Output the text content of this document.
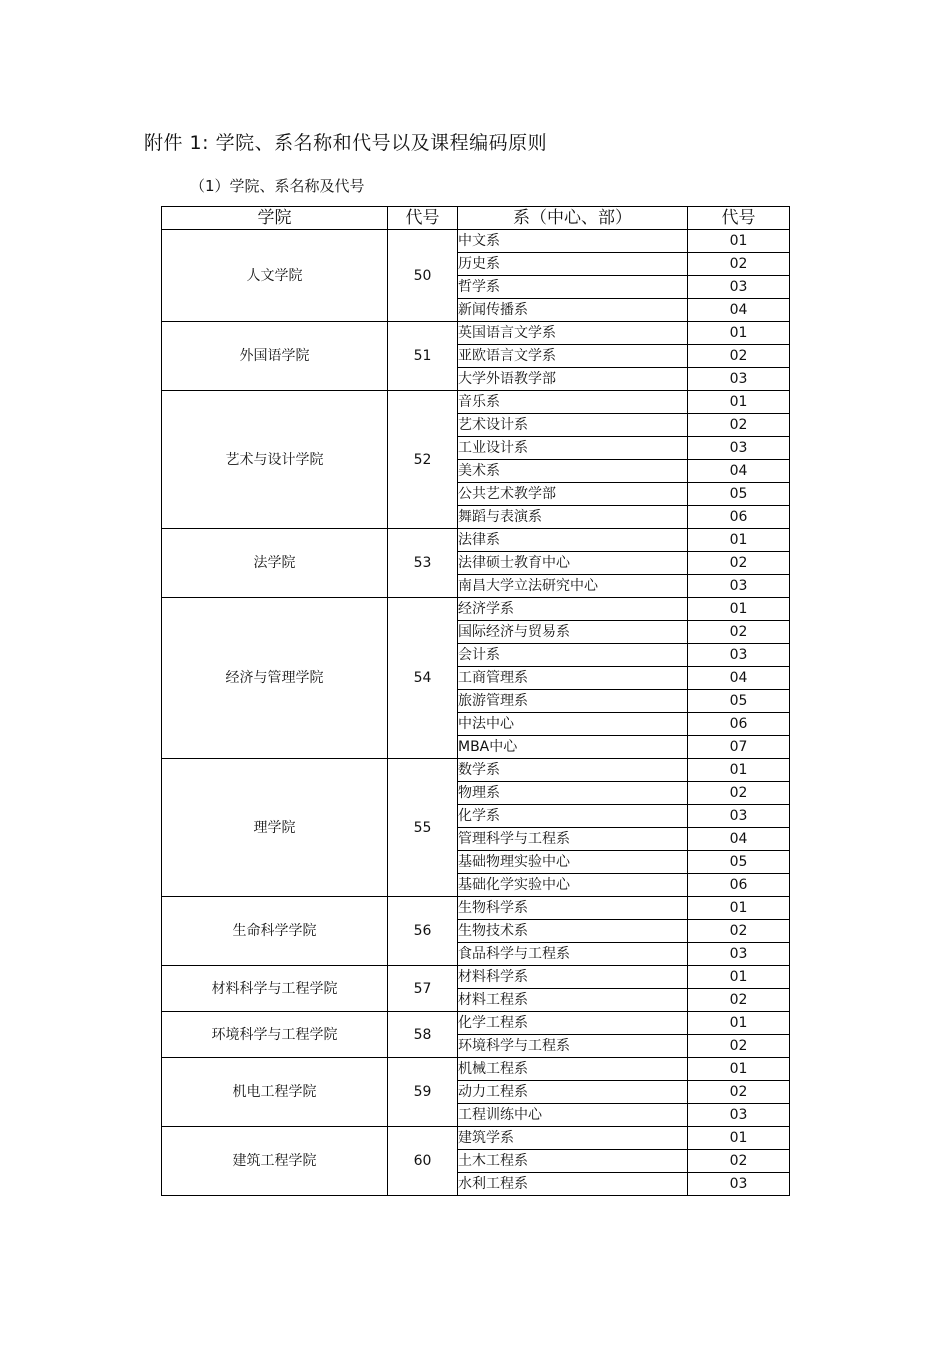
附件 1: 学院、系名称和代号以及课程编码原则
（1）学院、系名称及代号
学院	代号	系（中心、部）	代号
人文学院	50	中文系	01
		历史系	02
		哲学系	03
		新闻传播系	04
外国语学院	51	英国语言文学系	01
		亚欧语言文学系	02
		大学外语教学部	03
艺术与设计学院	52	音乐系	01
		艺术设计系	02
		工业设计系	03
		美术系	04
		公共艺术教学部	05
		舞蹈与表演系	06
法学院	53	法律系	01
		法律硕士教育中心	02
		南昌大学立法研究中心	03
经济与管理学院	54	经济学系	01
		国际经济与贸易系	02
		会计系	03
		工商管理系	04
		旅游管理系	05
		中法中心	06
		MBA中心	07
理学院	55	数学系	01
		物理系	02
		化学系	03
		管理科学与工程系	04
		基础物理实验中心	05
		基础化学实验中心	06
生命科学学院	56	生物科学系	01
		生物技术系	02
		食品科学与工程系	03
材料科学与工程学院	57	材料科学系	01
		材料工程系	02
环境科学与工程学院	58	化学工程系	01
		环境科学与工程系	02
机电工程学院	59	机械工程系	01
		动力工程系	02
		工程训练中心	03
建筑工程学院	60	建筑学系	01
		土木工程系	02
		水利工程系	03
